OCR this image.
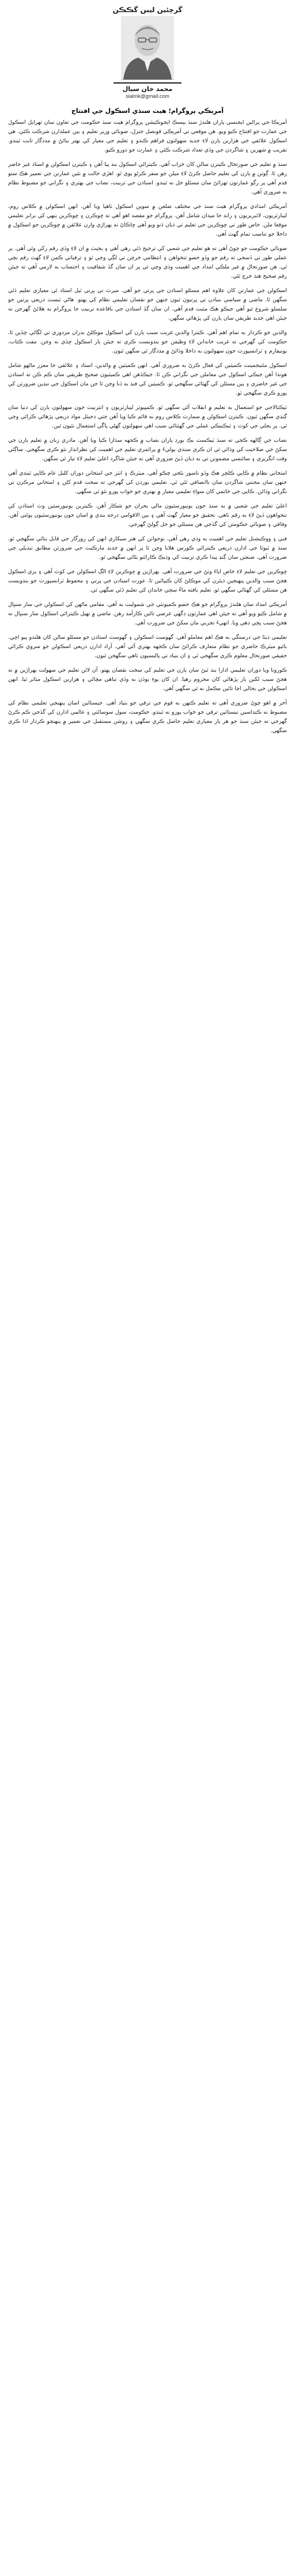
گرچئين ليبن گڪڪن
محمد خان سيال
sialmk@gmail.com
آمريڪي پروگرام؛ هيٺ سنڌي اسڪول جي افتتاح

آمريڪا جي پراڻين ايجنسي پاران هلندڙ سنڌ بيسڪ ايجوڪيشن پروگرام هيٺ سنڌ حڪومت جي تعاون سان ٺهرايل اسڪول جي عمارت جو افتتاح ڪيو ويو. هن موقعي تي آمريڪي قونصل جنرل، صوبائي وزير تعليم ۽ ٻين عملدارن شرڪت ڪئي. هي اسڪول علائقي جي هزارين ٻارن لاءِ جديد سهولتون فراهم ڪندو ۽ تعليم جي معيار کي بهتر بنائڻ ۾ مددگار ثابت ٿيندو. تقريب ۾ شهرين ۽ شاگردن جي وڏي تعداد شرڪت ڪئي ۽ عمارت جو دورو ڪيو.

سنڌ ۾ تعليم جي صورتحال ڪيترن سالن کان خراب آهي. ڪيترائي اسڪول بند پيا آهن ۽ ڪيترن اسڪولن ۾ استاد غير حاضر رهن ٿا. ڳوٺن ۾ ٻارن کي تعليم حاصل ڪرڻ لاءِ ميلن جو سفر ڪرڻو پوي ٿو. اهڙي حالت ۾ نئين عمارتن جي تعمير هڪ سٺو قدم آهي پر رڳو عمارتون ٺهرائڻ سان مسئلو حل نه ٿيندو. استادن جي تربيت، نصاب جي بهتري ۽ نگراني جو مضبوط نظام به ضروري آهي.

آمريڪي امدادي پروگرام هيٺ سنڌ جي مختلف ضلعن ۾ سوين اسڪول ٺاهيا ويا آهن. انهن اسڪولن ۾ ڪلاس روم، ليبارٽريون، لائبريريون ۽ راند جا ميدان شامل آهن. پروگرام جو مقصد اهو آهي ته ڇوڪرن ۽ ڇوڪرين ٻنهي کي برابر تعليمي موقعا ملن. خاص طور تي ڇوڪرين جي تعليم تي ڌيان ڏنو ويو آهي ڇاڪاڻ ته ٻهراڙي وارن علائقن ۾ ڇوڪرين جو اسڪول ۾ داخلا جو تناسب تمام گهٽ آهي.

صوبائي حڪومت جو چوڻ آهي ته هو تعليم جي شعبي کي ترجيح ڏئي رهي آهي ۽ بجيٽ ۾ ان لاءِ وڏي رقم رکي وئي آهي. پر عملي طور تي ڏسجي ته رقم جو وڏو حصو تنخواهن ۽ انتظامي خرچن تي لڳي وڃي ٿو ۽ ترقياتي ڪمن لاءِ گهٽ رقم بچي ٿي. هن صورتحال ۾ غير ملڪي امداد جي اهميت وڌي وڃي ٿي پر ان سان گڏ شفافيت ۽ احتساب به لازمي آهي ته جيئن رقم صحيح هنڌ خرچ ٿئي.

اسڪولن جي عمارتن کان علاوه اهم مسئلو استادن جي ڀرتي جو آهي. ميرٽ تي ڀرتي ٿيل استاد ئي معياري تعليم ڏئي سگهن ٿا. ماضي ۾ سياسي بنيادن تي ڀرتيون ٿيون جنهن جو نقصان تعليمي نظام کي پهتو. هاڻي ٽيسٽ ذريعي ڀرتين جو سلسلو شروع ٿيو آهي جيڪو هڪ مثبت قدم آهي. ان سان گڏ استادن جي باقاعده تربيت جا پروگرام به هلائڻ گهرجن ته جيئن اهي جديد طريقن سان ٻارن کي پڙهائي سگهن.

والدين جو ڪردار به تمام اهم آهي. ڪيترا والدين غربت سبب ٻارن کي اسڪول موڪلڻ بدران مزدوري تي لڳائي ڇڏين ٿا. حڪومت کي گهرجي ته غريب خاندانن لاءِ وظيفن جو بندوبست ڪري ته جيئن ٻار اسڪول ڇڏي نه وڃن. مفت ڪتاب، يونيفارم ۽ ٽرانسپورٽ جون سهولتون به داخلا وڌائڻ ۾ مددگار ٿي سگهن ٿيون.

اسڪول مئنيجمينٽ ڪميٽين کي فعال ڪرڻ به ضروري آهي. انهن ڪميٽين ۾ والدين، استاد ۽ علائقي جا معزز ماڻهو شامل هوندا آهن جيڪي اسڪول جي معاملن جي نگراني ڪن ٿا. جيڪڏهن اهي ڪميٽيون صحيح طريقي سان ڪم ڪن ته استادن جي غير حاضري ۽ ٻين مسئلن کي گهٽائي سگهجي ٿو. ڪميٽين کي فنڊ به ڏنا وڃن ٿا جن مان اسڪول جي ننڍين ضرورتن کي پورو ڪري سگهجي ٿو.

ٽيڪنالاجي جو استعمال به تعليم ۾ انقلاب آڻي سگهي ٿو. ڪمپيوٽر ليبارٽريون ۽ انٽرنيٽ جون سهولتون ٻارن کي دنيا سان ڳنڍي سگهن ٿيون. ڪيترن اسڪولن ۾ سمارٽ ڪلاس روم به قائم ڪيا ويا آهن جتي ڊجيٽل مواد ذريعي پڙهائي ڪرائي وڃي ٿي. پر بجلي جي کوٽ ۽ ٽيڪنيڪي عملي جي گهٽتائي سبب اهي سهولتون گهڻي ڀاڱي استعمال نٿيون ٿين.

نصاب جي ڳالهه ڪجي ته سنڌ ٽيڪسٽ بڪ بورڊ پاران نصاب ۾ ڪجهه سڌارا ڪيا ويا آهن. مادري زبان ۾ تعليم ٻارن جي سکڻ جي صلاحيت کي وڌائي ٿي ان ڪري سنڌي ٻوليءَ ۾ پرائمري تعليم جي اهميت کي نظرانداز نٿو ڪري سگهجي. ساڳئي وقت انگريزي ۽ سائنسي مضمونن تي به ڌيان ڏيڻ ضروري آهي ته جيئن شاگرد اعليٰ تعليم لاءِ تيار ٿي سگهن.

امتحاني نظام ۾ ڪاپي ڪلچر هڪ وڏو ناسور بڻجي چڪو آهي. ميٽرڪ ۽ انٽر جي امتحانن دوران کليل عام ڪاپي ٿيندي آهي جنهن سان محنتي شاگردن سان ناانصافي ٿئي ٿي. تعليمي بورڊن کي گهرجي ته سخت قدم کڻن ۽ امتحاني مرڪزن تي نگراني وڌائن. ڪاپي جي خاتمي کان سواءِ تعليمي معيار ۾ بهتري جو خواب پورو نٿو ٿي سگهي.

اعليٰ تعليم جي شعبي ۾ به سنڌ جون يونيورسٽيون مالي بحران جو شڪار آهن. ڪيترين يونيورسٽين وٽ استادن کي تنخواهون ڏيڻ لاءِ به رقم ناهي. تحقيق جو معيار گهٽ آهي ۽ بين الاقوامي درجه بندي ۾ اسان جون يونيورسٽيون پوئتي آهن. وفاقي ۽ صوبائي حڪومتن کي گڏجي هن مسئلي جو حل ڳولڻ گهرجي.

فني ۽ ووڪيشنل تعليم جي اهميت به وڌي رهي آهي. نوجوانن کي هنر سيکاري انهن کي روزگار جي قابل بنائي سگهجي ٿو. سنڌ ۾ ٽيوٽا جي ادارن ذريعي ڪيترائي ڪورس هلايا وڃن ٿا پر انهن ۾ جديد مارڪيٽ جي ضرورتن مطابق تبديلي جي ضرورت آهي. صنعتن سان ڳنڍ پيدا ڪري تربيت کي وڌيڪ ڪارائتو بڻائي سگهجي ٿو.

ڇوڪرين جي تعليم لاءِ خاص اپاءَ وٺڻ جي ضرورت آهي. ٻهراڙين ۾ ڇوڪرين لاءِ الڳ اسڪولن جي کوٽ آهي ۽ پري اسڪول هجڻ سبب والدين پنهنجين ڌيئرن کي موڪلڻ کان ڪيٻائين ٿا. عورت استادن جي ڀرتي ۽ محفوظ ٽرانسپورٽ جو بندوبست هن مسئلي کي گهٽائي سگهي ٿو. تعليم يافته ماءُ سڄي خاندان کي تعليم ڏئي سگهي ٿي.

آمريڪي امداد سان هلندڙ پروگرام جو هڪ حصو ڪميونٽي جي شموليت به آهي. مقامي ماڻهن کي اسڪولن جي سار سنڀال ۾ شامل ڪيو ويو آهي ته جيئن اهي عمارتون ڊگهي عرصي تائين ڪارآمد رهن. ماضي ۾ ٺهيل ڪيترائي اسڪول سار سنڀال نه هجڻ سبب ڀڄي ڊهي ويا. انهيءَ تجربي مان سکڻ جي ضرورت آهي.

تعليمي ڊيٽا جي درستگي به هڪ اهم معاملو آهي. گهوسٽ اسڪولن ۽ گهوسٽ استادن جو مسئلو سالن کان هلندو پيو اچي. بائيو ميٽرڪ حاضري جو نظام متعارف ڪرائڻ سان ڪجهه بهتري آئي آهي. آزاد ادارن ذريعي اسڪولن جو سروي ڪرائي حقيقي صورتحال معلوم ڪري سگهجي ٿي ۽ ان بنياد تي پاليسيون ٺاهي سگهجن ٿيون.

ڪورونا وبا دوران تعليمي ادارا بند ٿيڻ سان ٻارن جي تعليم کي سخت نقصان پهتو. آن لائن تعليم جي سهولت ٻهراڙين ۾ نه هجڻ سبب لکين ٻار پڙهائي کان محروم رهيا. ان کان پوءِ ٻوڏن به وڏي تباهي مچائي ۽ هزارين اسڪول متاثر ٿيا. انهن اسڪولن جي بحالي اڃا تائين مڪمل نه ٿي سگهي آهي.

آخر ۾ اهو چوڻ ضروري آهي ته تعليم ڪنهن به قوم جي ترقي جو بنياد آهي. جيستائين اسان پنهنجي تعليمي نظام کي مضبوط نه ڪنداسين تيستائين ترقي جو خواب پورو نه ٿيندو. حڪومت، سول سوسائٽي ۽ عالمي ادارن کي گڏجي ڪم ڪرڻ گهرجي ته جيئن سنڌ جو هر ٻار معياري تعليم حاصل ڪري سگهي ۽ روشن مستقبل جي تعمير ۾ پنهنجو ڪردار ادا ڪري سگهي.
